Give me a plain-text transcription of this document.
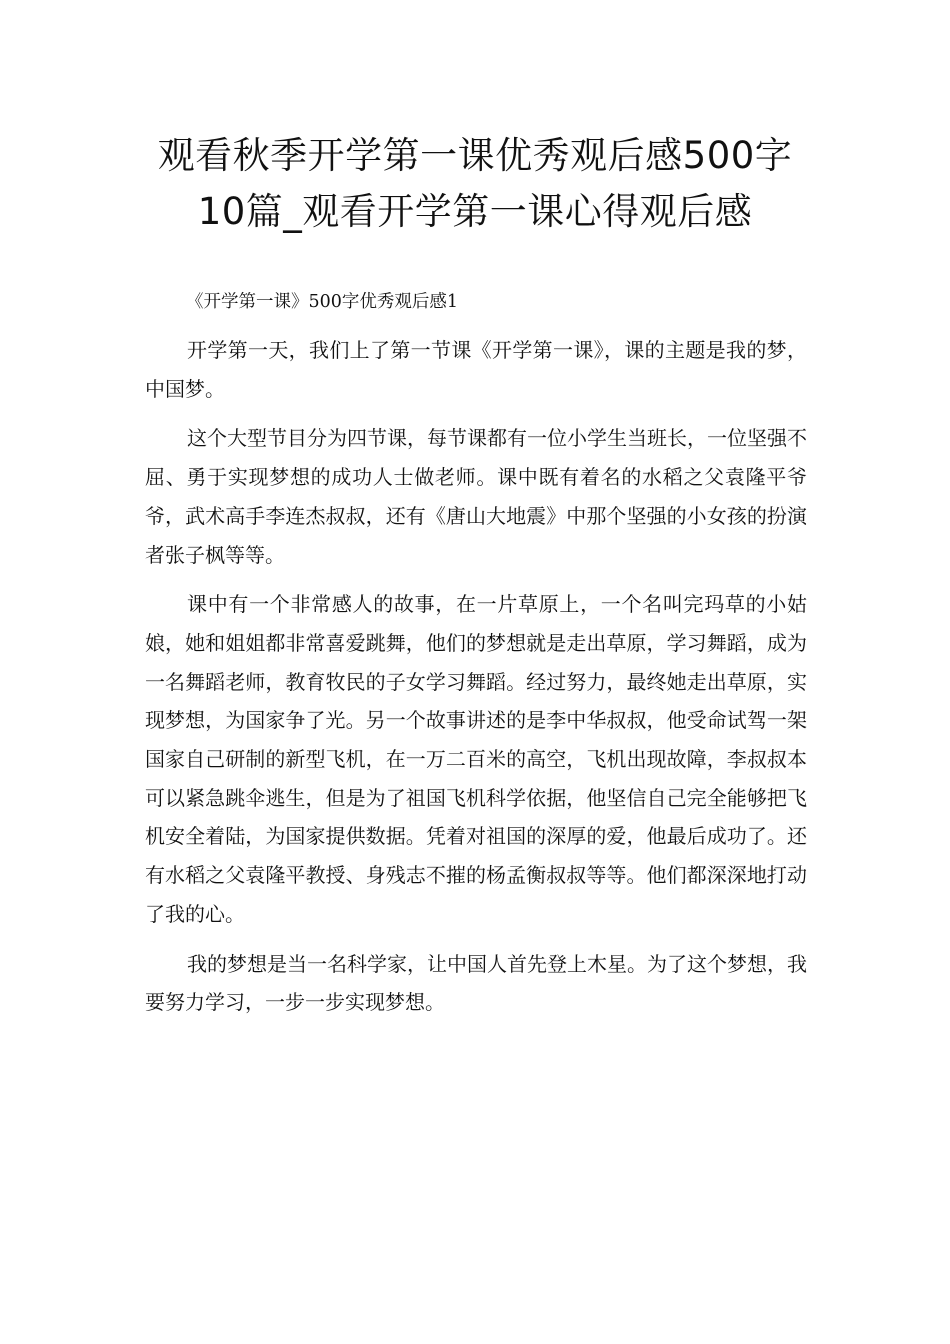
观看秋季开学第一课优秀观后感500字
10篇_观看开学第一课心得观后感

《开学第一课》500字优秀观后感1

开学第一天，我们上了第一节课《开学第一课》，课的主题是我的梦，中国梦。

这个大型节目分为四节课，每节课都有一位小学生当班长，一位坚强不屈、勇于实现梦想的成功人士做老师。课中既有着名的水稻之父袁隆平爷爷，武术高手李连杰叔叔，还有《唐山大地震》中那个坚强的小女孩的扮演者张子枫等等。

课中有一个非常感人的故事，在一片草原上，一个名叫完玛草的小姑娘，她和姐姐都非常喜爱跳舞，他们的梦想就是走出草原，学习舞蹈，成为一名舞蹈老师，教育牧民的子女学习舞蹈。经过努力，最终她走出草原，实现梦想，为国家争了光。另一个故事讲述的是李中华叔叔，他受命试驾一架国家自己研制的新型飞机，在一万二百米的高空，飞机出现故障，李叔叔本可以紧急跳伞逃生，但是为了祖国飞机科学依据，他坚信自己完全能够把飞机安全着陆，为国家提供数据。凭着对祖国的深厚的爱，他最后成功了。还有水稻之父袁隆平教授、身残志不摧的杨孟衡叔叔等等。他们都深深地打动了我的心。

我的梦想是当一名科学家，让中国人首先登上木星。为了这个梦想，我要努力学习，一步一步实现梦想。
